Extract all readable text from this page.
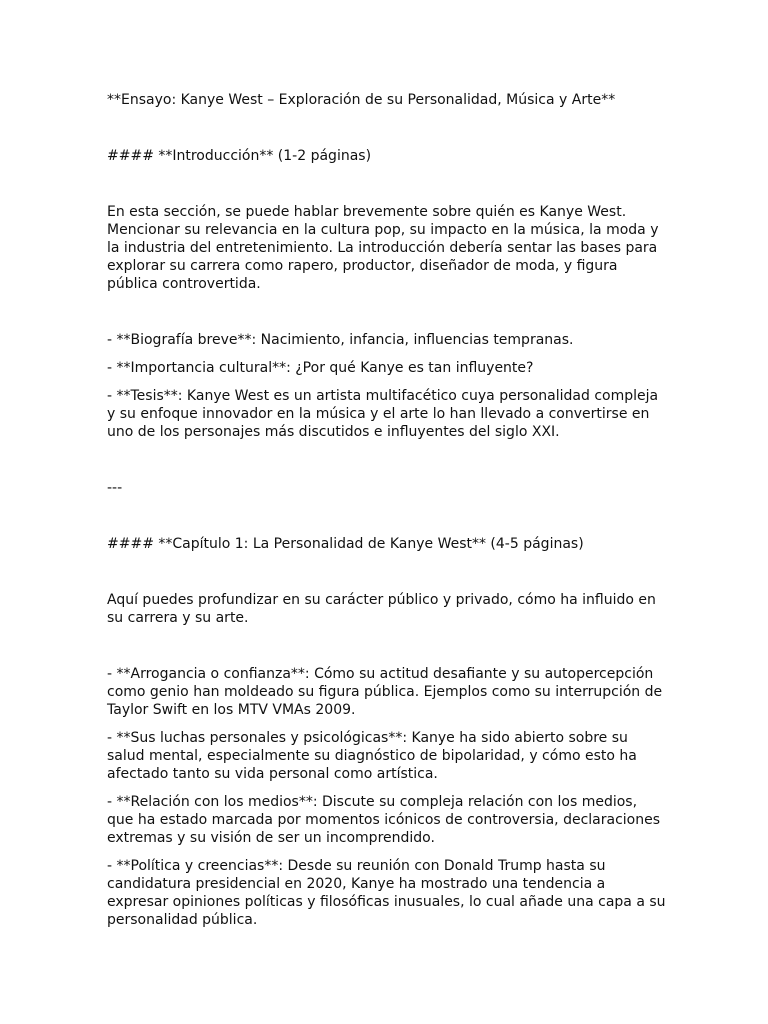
**Ensayo: Kanye West – Exploración de su Personalidad, Música y Arte**

#### **Introducción** (1-2 páginas)

En esta sección, se puede hablar brevemente sobre quién es Kanye West. Mencionar su relevancia en la cultura pop, su impacto en la música, la moda y la industria del entretenimiento. La introducción debería sentar las bases para explorar su carrera como rapero, productor, diseñador de moda, y figura pública controvertida.

- **Biografía breve**: Nacimiento, infancia, influencias tempranas.

- **Importancia cultural**: ¿Por qué Kanye es tan influyente?

- **Tesis**: Kanye West es un artista multifacético cuya personalidad compleja y su enfoque innovador en la música y el arte lo han llevado a convertirse en uno de los personajes más discutidos e influyentes del siglo XXI.

---

#### **Capítulo 1: La Personalidad de Kanye West** (4-5 páginas)

Aquí puedes profundizar en su carácter público y privado, cómo ha influido en su carrera y su arte.

- **Arrogancia o confianza**: Cómo su actitud desafiante y su autopercepción como genio han moldeado su figura pública. Ejemplos como su interrupción de Taylor Swift en los MTV VMAs 2009.

- **Sus luchas personales y psicológicas**: Kanye ha sido abierto sobre su salud mental, especialmente su diagnóstico de bipolaridad, y cómo esto ha afectado tanto su vida personal como artística.

- **Relación con los medios**: Discute su compleja relación con los medios, que ha estado marcada por momentos icónicos de controversia, declaraciones extremas y su visión de ser un incomprendido.

- **Política y creencias**: Desde su reunión con Donald Trump hasta su candidatura presidencial en 2020, Kanye ha mostrado una tendencia a expresar opiniones políticas y filosóficas inusuales, lo cual añade una capa a su personalidad pública.
